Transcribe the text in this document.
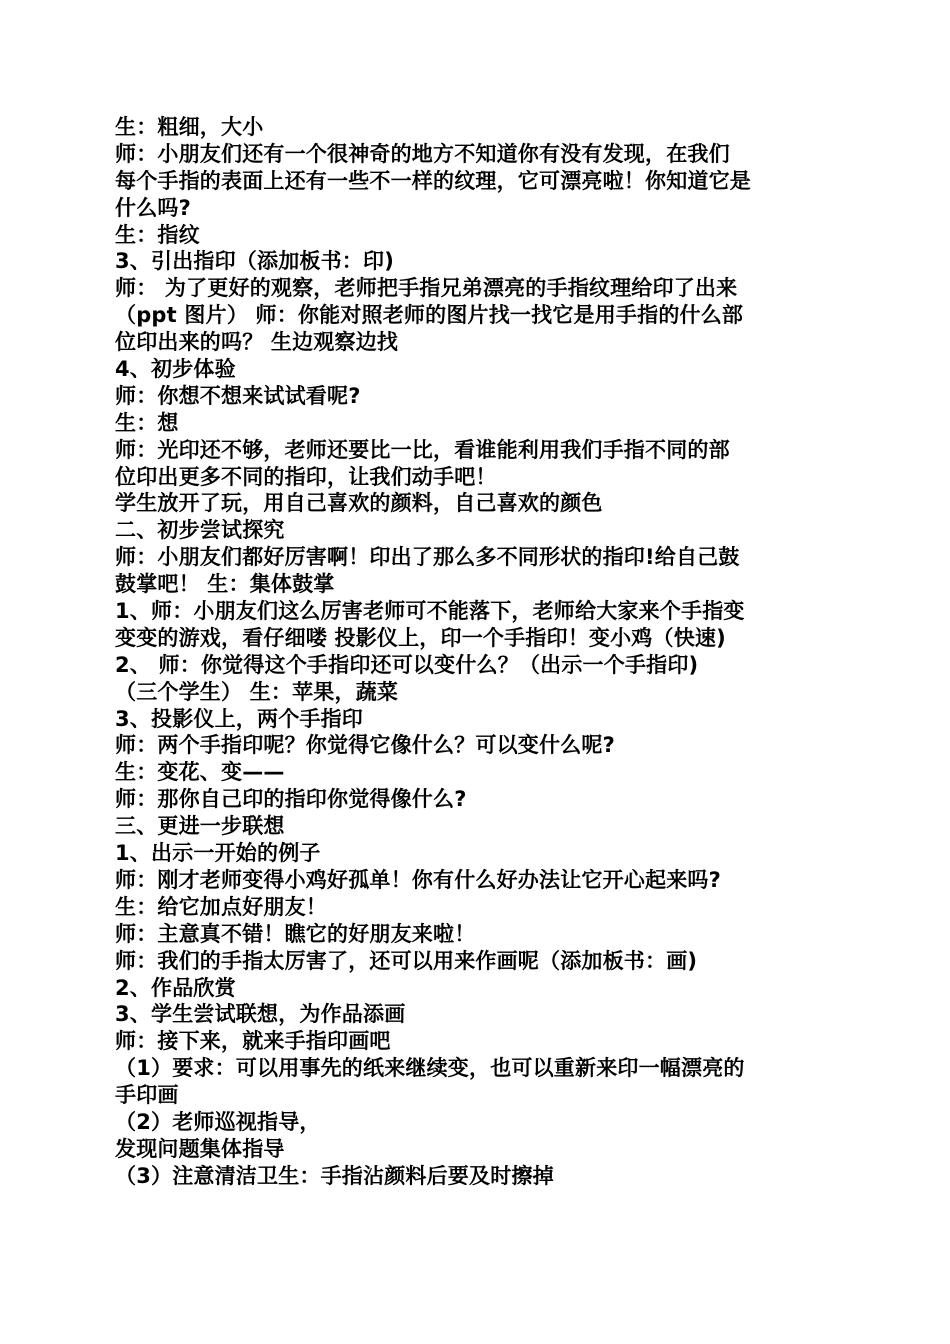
生：粗细，大小
师：小朋友们还有一个很神奇的地方不知道你有没有发现，在我们
每个手指的表面上还有一些不一样的纹理，它可漂亮啦！你知道它是
什么吗?
生：指纹
3、引出指印（添加板书：印)
师： 为了更好的观察，老师把手指兄弟漂亮的手指纹理给印了出来
（ppt 图片） 师：你能对照老师的图片找一找它是用手指的什么部
位印出来的吗？ 生边观察边找
4、初步体验
师：你想不想来试试看呢?
生：想
师：光印还不够，老师还要比一比，看谁能利用我们手指不同的部
位印出更多不同的指印，让我们动手吧！
学生放开了玩，用自己喜欢的颜料，自己喜欢的颜色
二、初步尝试探究
师：小朋友们都好厉害啊！印出了那么多不同形状的指印!给自己鼓
鼓掌吧！ 生：集体鼓掌
1、师：小朋友们这么厉害老师可不能落下，老师给大家来个手指变
变变的游戏，看仔细喽 投影仪上，印一个手指印！变小鸡（快速)
2、 师：你觉得这个手指印还可以变什么？（出示一个手指印)
（三个学生） 生：苹果，蔬菜
3、投影仪上，两个手指印
师：两个手指印呢？你觉得它像什么？可以变什么呢?
生：变花、变——
师：那你自己印的指印你觉得像什么?
三、更进一步联想
1、出示一开始的例子
师：刚才老师变得小鸡好孤单！你有什么好办法让它开心起来吗?
生：给它加点好朋友！
师：主意真不错！瞧它的好朋友来啦！
师：我们的手指太厉害了，还可以用来作画呢（添加板书：画)
2、作品欣赏
3、学生尝试联想，为作品添画
师：接下来，就来手指印画吧
（1）要求：可以用事先的纸来继续变，也可以重新来印一幅漂亮的
手印画
（2）老师巡视指导，
发现问题集体指导
（3）注意清洁卫生：手指沾颜料后要及时擦掉
